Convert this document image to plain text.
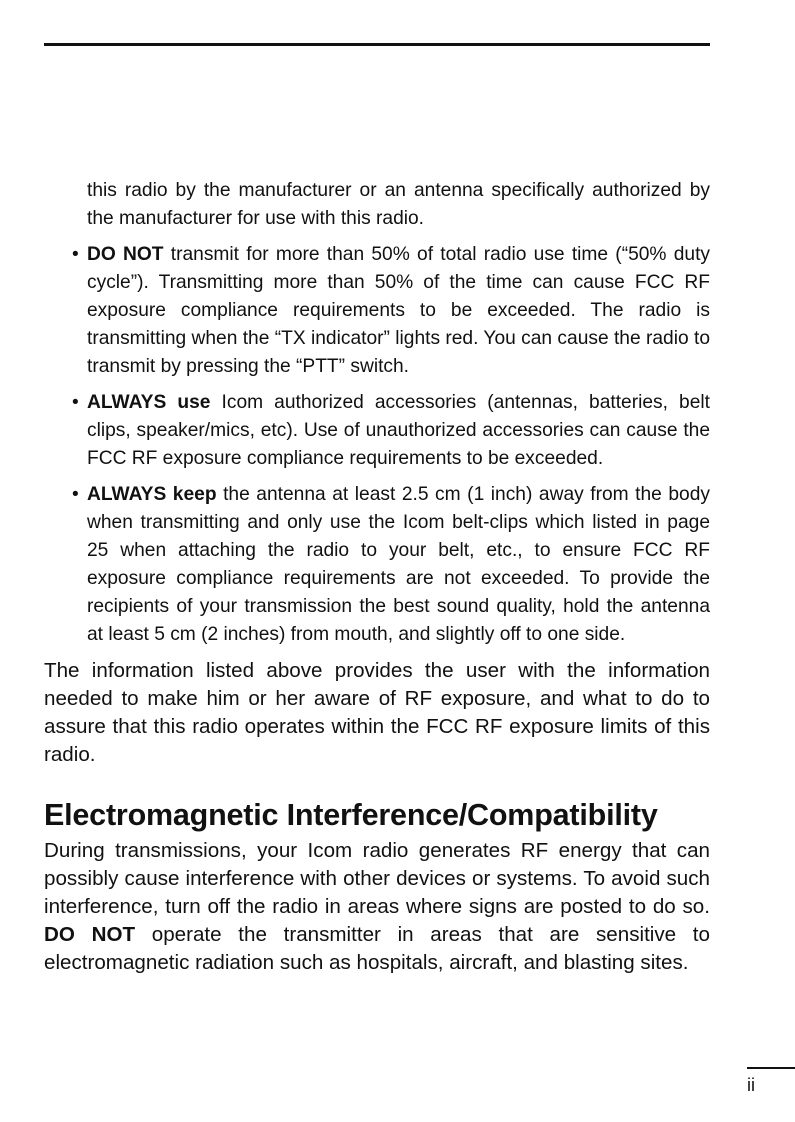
this radio by the manufacturer or an antenna specifically authorized by the manufacturer for use with this radio.

• DO NOT transmit for more than 50% of total radio use time (“50% duty cycle”). Transmitting more than 50% of the time can cause FCC RF exposure compliance requirements to be exceeded. The radio is transmitting when the “TX indicator” lights red. You can cause the radio to transmit by pressing the “PTT” switch.
• ALWAYS use Icom authorized accessories (antennas, batteries, belt clips, speaker/mics, etc). Use of unauthorized accessories can cause the FCC RF exposure compliance requirements to be exceeded.
• ALWAYS keep the antenna at least 2.5 cm (1 inch) away from the body when transmitting and only use the Icom belt-clips which listed in page 25 when attaching the radio to your belt, etc., to ensure FCC RF exposure compliance requirements are not exceeded. To provide the recipients of your transmission the best sound quality, hold the antenna at least 5 cm (2 inches) from mouth, and slightly off to one side.

The information listed above provides the user with the information needed to make him or her aware of RF exposure, and what to do to assure that this radio operates within the FCC RF exposure limits of this radio.

Electromagnetic Interference/Compatibility

During transmissions, your Icom radio generates RF energy that can possibly cause interference with other devices or systems. To avoid such interference, turn off the radio in areas where signs are posted to do so. DO NOT operate the transmitter in areas that are sensitive to electromagnetic radiation such as hospitals, aircraft, and blasting sites.

ii
